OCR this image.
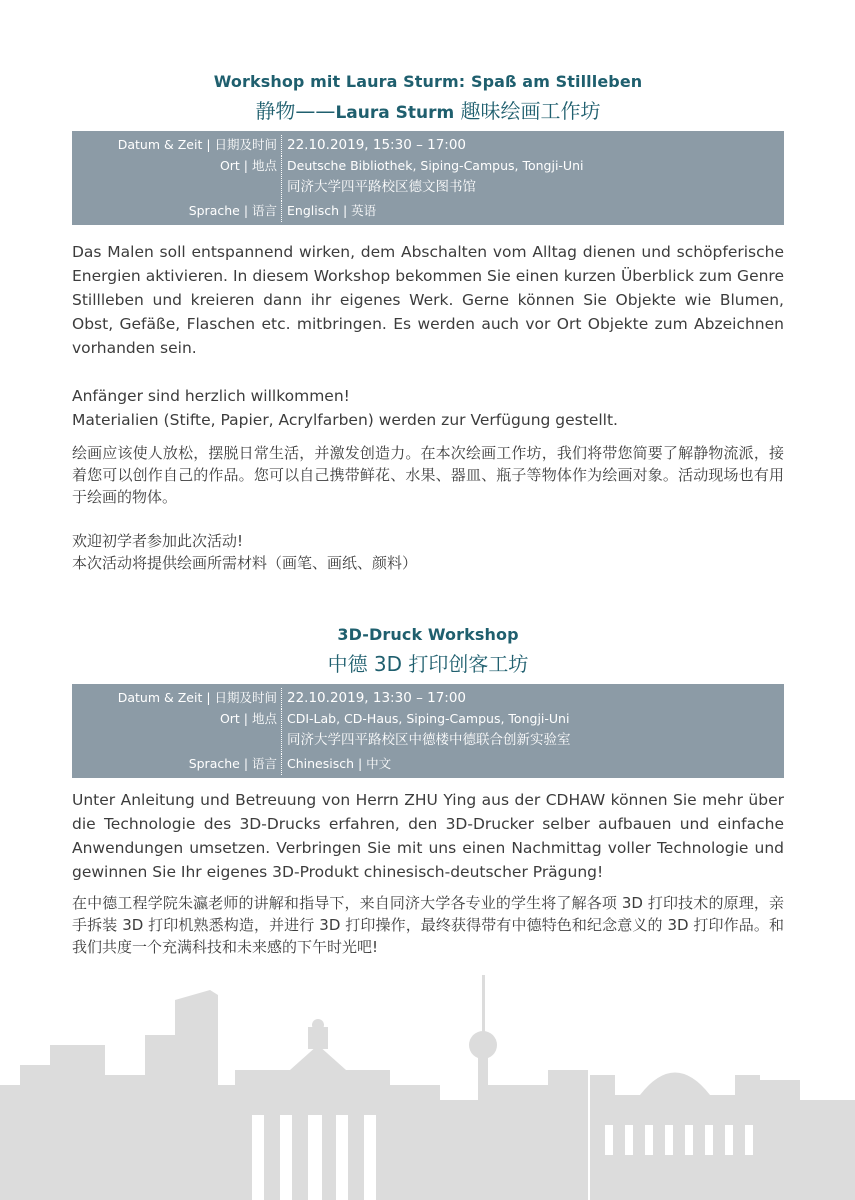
Workshop mit Laura Sturm: Spaß am Stillleben
静物——Laura Sturm 趣味绘画工作坊
Datum & Zeit | 日期及时间 22.10.2019, 15:30 – 17:00
Ort | 地点 Deutsche Bibliothek, Siping-Campus, Tongji-Uni
同济大学四平路校区德文图书馆
Sprache | 语言 Englisch | 英语

Das Malen soll entspannend wirken, dem Abschalten vom Alltag dienen und schöpferische Energien aktivieren. In diesem Workshop bekommen Sie einen kurzen Überblick zum Genre Stillleben und kreieren dann ihr eigenes Werk. Gerne können Sie Objekte wie Blumen, Obst, Gefäße, Flaschen etc. mitbringen. Es werden auch vor Ort Objekte zum Abzeichnen vorhanden sein.

Anfänger sind herzlich willkommen!

Materialien (Stifte, Papier, Acrylfarben) werden zur Verfügung gestellt.

绘画应该使人放松，摆脱日常生活，并激发创造力。在本次绘画工作坊，我们将带您简要了解静物流派，接着您可以创作自己的作品。您可以自己携带鲜花、水果、器皿、瓶子等物体作为绘画对象。活动现场也有用于绘画的物体。

欢迎初学者参加此次活动!

本次活动将提供绘画所需材料（画笔、画纸、颜料）

3D-Druck Workshop
中德 3D 打印创客工坊
Datum & Zeit | 日期及时间 22.10.2019, 13:30 – 17:00
Ort | 地点 CDI-Lab, CD-Haus, Siping-Campus, Tongji-Uni
同济大学四平路校区中德楼中德联合创新实验室
Sprache | 语言 Chinesisch | 中文

Unter Anleitung und Betreuung von Herrn ZHU Ying aus der CDHAW können Sie mehr über die Technologie des 3D-Drucks erfahren, den 3D-Drucker selber aufbauen und einfache Anwendungen umsetzen. Verbringen Sie mit uns einen Nachmittag voller Technologie und gewinnen Sie Ihr eigenes 3D-Produkt chinesisch-deutscher Prägung!

在中德工程学院朱瀛老师的讲解和指导下，来自同济大学各专业的学生将了解各项 3D 打印技术的原理，亲手拆装 3D 打印机熟悉构造，并进行 3D 打印操作，最终获得带有中德特色和纪念意义的 3D 打印作品。和我们共度一个充满科技和未来感的下午时光吧!
